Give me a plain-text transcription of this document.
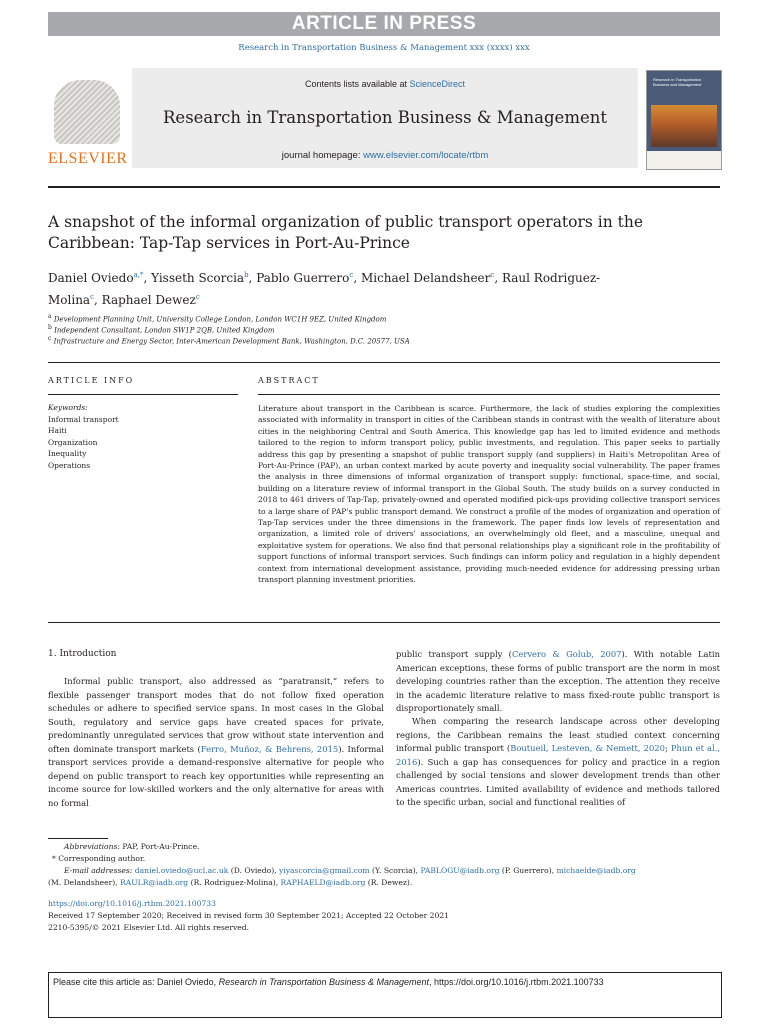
ARTICLE IN PRESS
Research in Transportation Business & Management xxx (xxxx) xxx
ELSEVIER
Contents lists available at ScienceDirect
Research in Transportation Business & Management
journal homepage: www.elsevier.com/locate/rtbm
Research in Transportation Business and Management
A snapshot of the informal organization of public transport operators in the
Caribbean: Tap-Tap services in Port-Au-Prince
Daniel Oviedo$^{a,*}$, Yisseth Scorcia$^b$, Pablo Guerrero$^c$, Michael Delandsheer$^c$, Raul Rodriguez-
Molina$^c$, Raphael Dewez$^c$
$^a$ Development Planning Unit, University College London, London WC1H 9EZ, United Kingdom
$^b$ Independent Consultant, London SW1P 2QB, United Kingdom
$^c$ Infrastructure and Energy Sector, Inter-American Development Bank, Washington, D.C. 20577, USA
ARTICLE INFO	ABSTRACT
Keywords:
Informal transport
Haiti
Organization
Inequality
Operations
Literature about transport in the Caribbean is scarce. Furthermore, the lack of studies exploring the complexities associated with informality in transport in cities of the Caribbean stands in contrast with the wealth of literature about cities in the neighboring Central and South America. This knowledge gap has led to limited evidence and methods tailored to the region to inform transport policy, public investments, and regulation. This paper seeks to partially address this gap by presenting a snapshot of public transport supply (and suppliers) in Haiti's Metropolitan Area of Port-Au-Prince (PAP), an urban context marked by acute poverty and inequality social vulnerability. The paper frames the analysis in three dimensions of informal organization of transport supply: functional, space-time, and social, building on a literature review of informal transport in the Global South. The study builds on a survey conducted in 2018 to 461 drivers of Tap-Tap, privately-owned and operated modified pick-ups providing collective transport services to a large share of PAP's public transport demand. We construct a profile of the modes of organization and operation of Tap-Tap services under the three dimensions in the framework. The paper finds low levels of representation and organization, a limited role of drivers' associations, an overwhelmingly old fleet, and a masculine, unequal and exploitative system for operations. We also find that personal relationships play a significant role in the profitability of support functions of informal transport services. Such findings can inform policy and regulation in a highly dependent context from international development assistance, providing much-needed evidence for addressing pressing urban transport planning investment priorities.
1. Introduction
Informal public transport, also addressed as “paratransit,” refers to flexible passenger transport modes that do not follow fixed operation schedules or adhere to specified service spans. In most cases in the Global South, regulatory and service gaps have created spaces for private, predominantly unregulated services that grow without state intervention and often dominate transport markets (Ferro, Muñoz, & Behrens, 2015). Informal transport services provide a demand-responsive alternative for people who depend on public transport to reach key opportunities while representing an income source for low-skilled workers and the only alternative for areas with no formal
public transport supply (Cervero & Golub, 2007). With notable Latin American exceptions, these forms of public transport are the norm in most developing countries rather than the exception. The attention they receive in the academic literature relative to mass fixed-route public transport is disproportionately small.
When comparing the research landscape across other developing regions, the Caribbean remains the least studied context concerning informal public transport (Boutueil, Lesteven, & Nemett, 2020; Phun et al., 2016). Such a gap has consequences for policy and practice in a region challenged by social tensions and slower development trends than other Americas countries. Limited availability of evidence and methods tailored to the specific urban, social and functional realities of
Abbreviations: PAP, Port-Au-Prince.
* Corresponding author.
E-mail addresses: daniel.oviedo@ucl.ac.uk (D. Oviedo), yiyascorcia@gmail.com (Y. Scorcia), PABLOGU@iadb.org (P. Guerrero), michaelde@iadb.org
(M. Delandsheer), RAULR@iadb.org (R. Rodriguez-Molina), RAPHAELD@iadb.org (R. Dewez).
https://doi.org/10.1016/j.rtbm.2021.100733
Received 17 September 2020; Received in revised form 30 September 2021; Accepted 22 October 2021
2210-5395/© 2021 Elsevier Ltd. All rights reserved.
Please cite this article as: Daniel Oviedo, Research in Transportation Business & Management, https://doi.org/10.1016/j.rtbm.2021.100733
